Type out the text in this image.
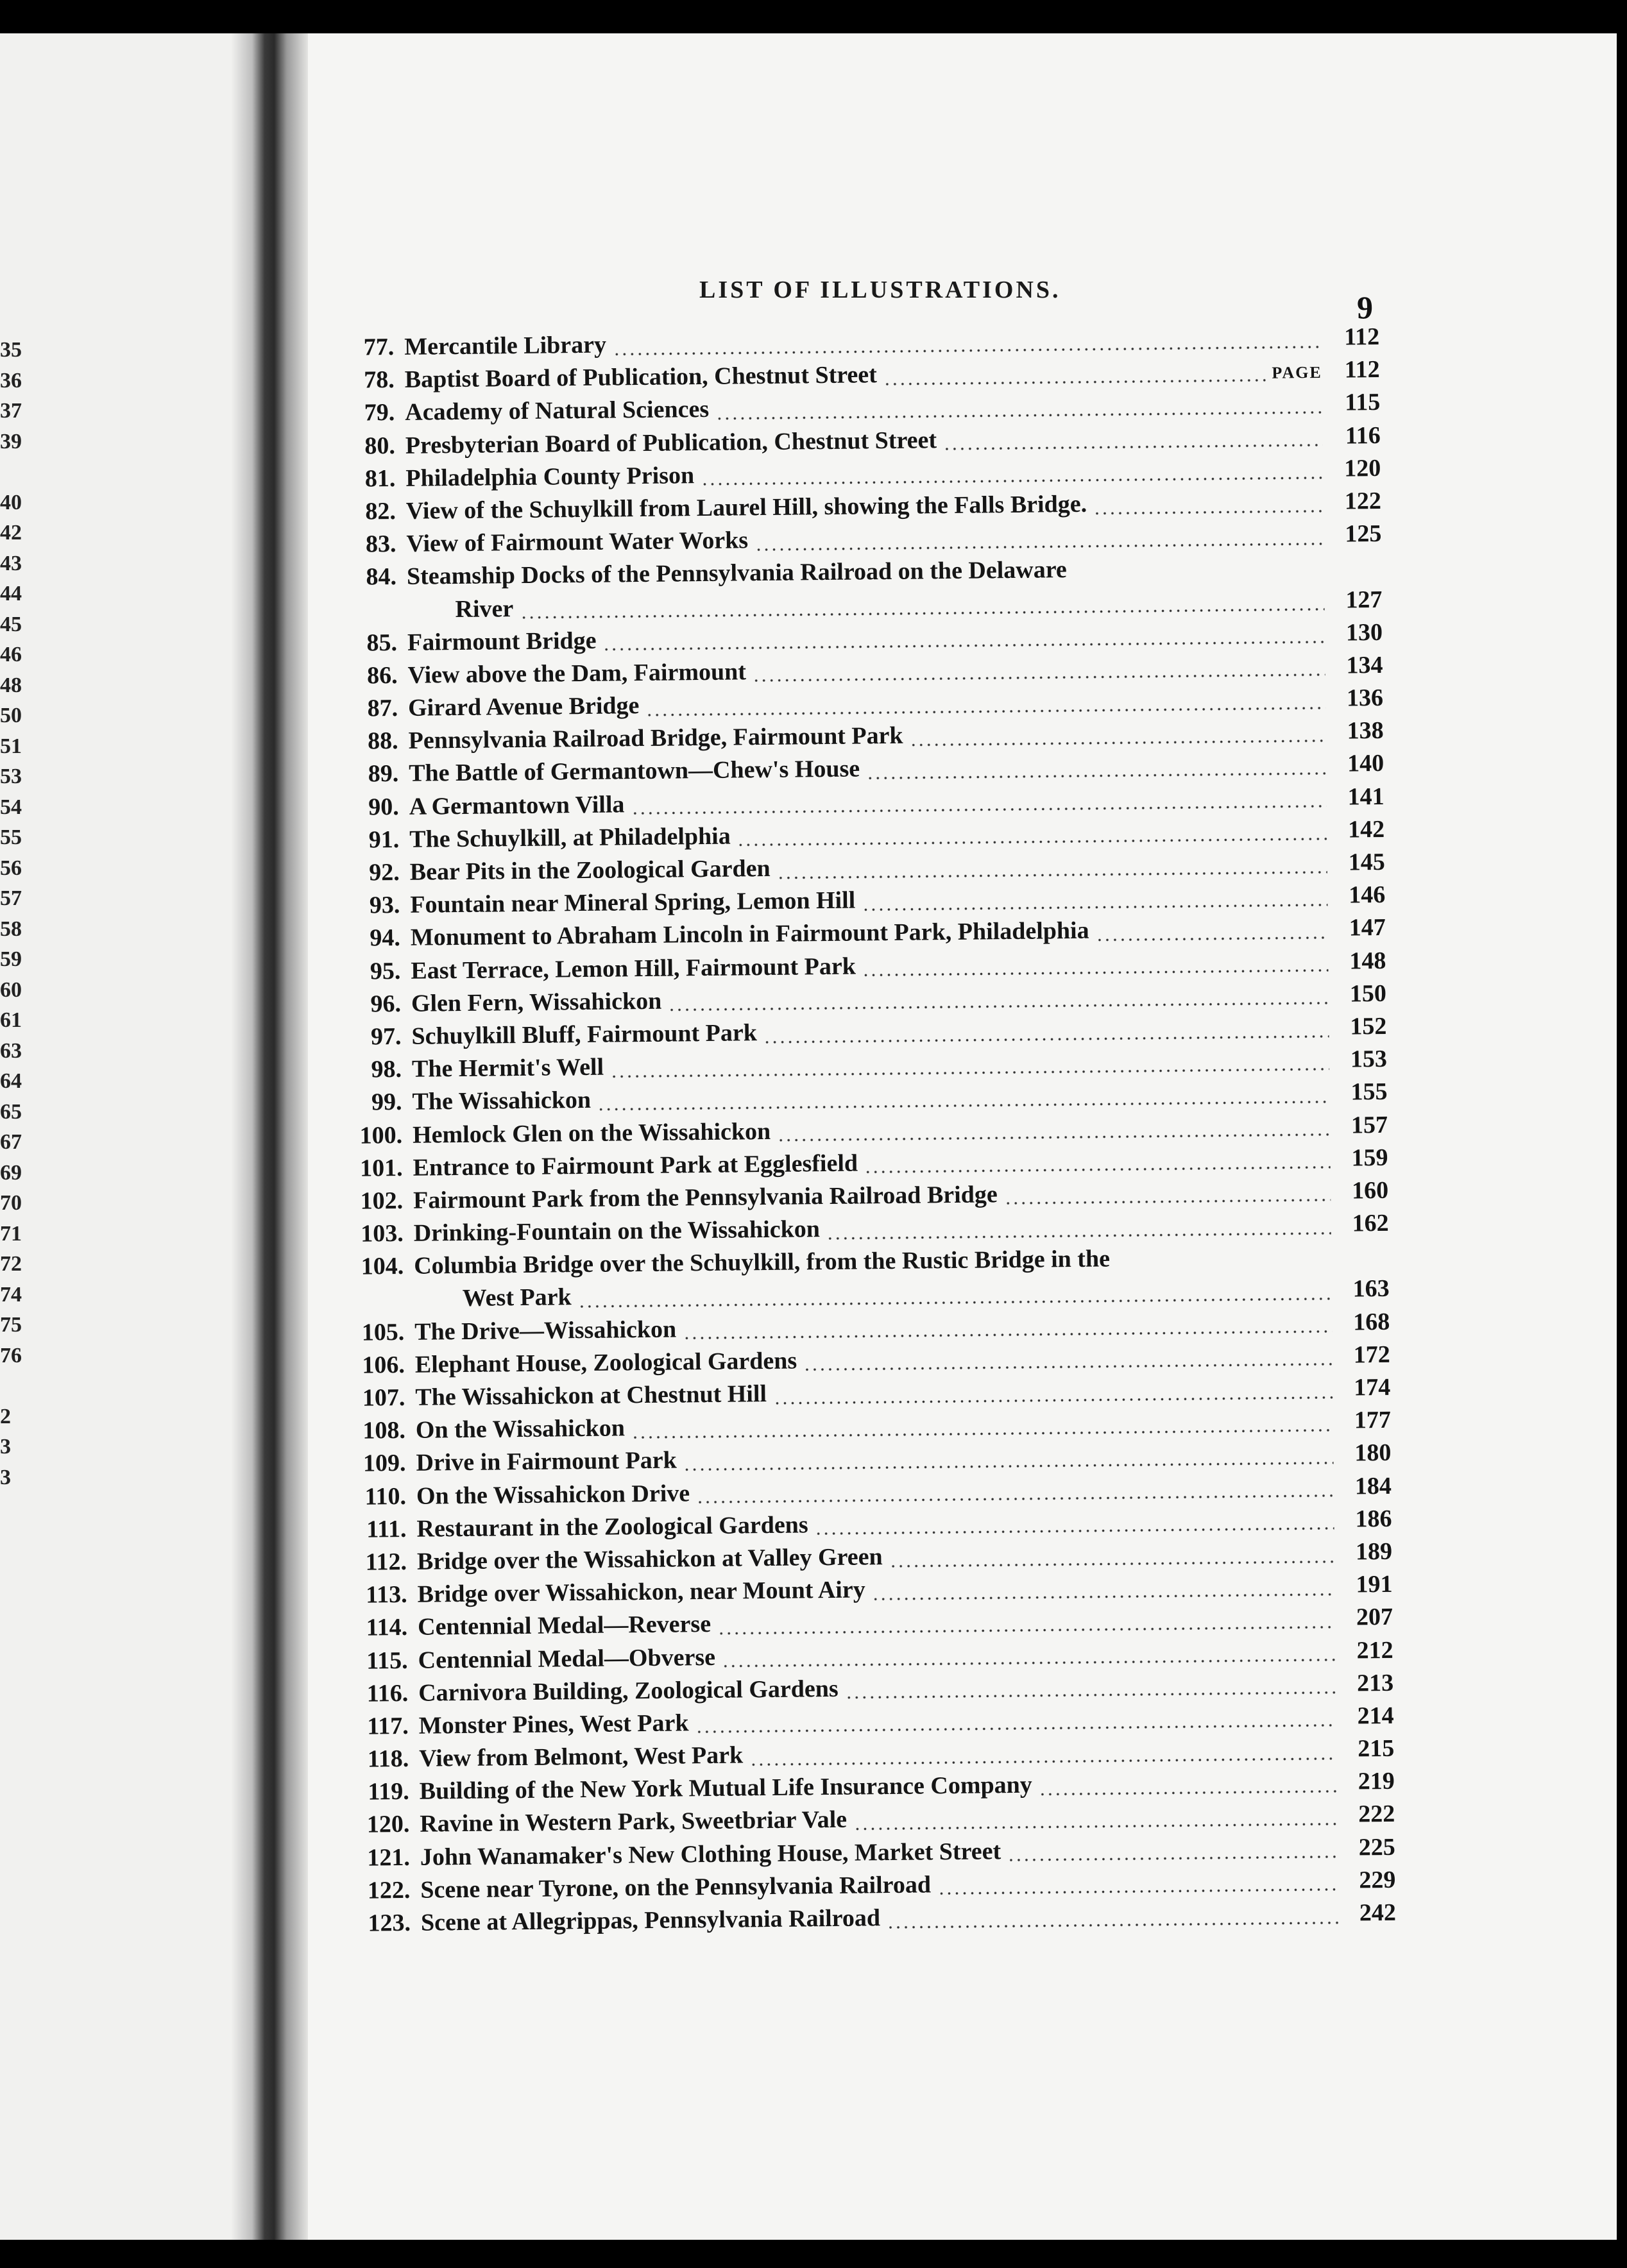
35
36
37
39
40
42
43
44
45
46
48
50
51
53
54
55
56
57
58
59
60
61
63
64
65
67
69
70
71
72
74
75
76
2
3
3
LIST OF ILLUSTRATIONS.	9
77. Mercantile Library	112
78. Baptist Board of Publication, Chestnut Street	PAGE 112
79. Academy of Natural Sciences	115
80. Presbyterian Board of Publication, Chestnut Street	116
81. Philadelphia County Prison	120
82. View of the Schuylkill from Laurel Hill, showing the Falls Bridge.	122
83. View of Fairmount Water Works	125
84. Steamship Docks of the Pennsylvania Railroad on the Delaware
River	127
85. Fairmount Bridge	130
86. View above the Dam, Fairmount	134
87. Girard Avenue Bridge	136
88. Pennsylvania Railroad Bridge, Fairmount Park	138
89. The Battle of Germantown—Chew's House	140
90. A Germantown Villa	141
91. The Schuylkill, at Philadelphia	142
92. Bear Pits in the Zoological Garden	145
93. Fountain near Mineral Spring, Lemon Hill	146
94. Monument to Abraham Lincoln in Fairmount Park, Philadelphia	147
95. East Terrace, Lemon Hill, Fairmount Park	148
96. Glen Fern, Wissahickon	150
97. Schuylkill Bluff, Fairmount Park	152
98. The Hermit's Well	153
99. The Wissahickon	155
100. Hemlock Glen on the Wissahickon	157
101. Entrance to Fairmount Park at Egglesfield	159
102. Fairmount Park from the Pennsylvania Railroad Bridge	160
103. Drinking-Fountain on the Wissahickon	162
104. Columbia Bridge over the Schuylkill, from the Rustic Bridge in the
West Park	163
105. The Drive—Wissahickon	168
106. Elephant House, Zoological Gardens	172
107. The Wissahickon at Chestnut Hill	174
108. On the Wissahickon	177
109. Drive in Fairmount Park	180
110. On the Wissahickon Drive	184
111. Restaurant in the Zoological Gardens	186
112. Bridge over the Wissahickon at Valley Green	189
113. Bridge over Wissahickon, near Mount Airy	191
114. Centennial Medal—Reverse	207
115. Centennial Medal—Obverse	212
116. Carnivora Building, Zoological Gardens	213
117. Monster Pines, West Park	214
118. View from Belmont, West Park	215
119. Building of the New York Mutual Life Insurance Company	219
120. Ravine in Western Park, Sweetbriar Vale	222
121. John Wanamaker's New Clothing House, Market Street	225
122. Scene near Tyrone, on the Pennsylvania Railroad	229
123. Scene at Allegrippas, Pennsylvania Railroad	242
